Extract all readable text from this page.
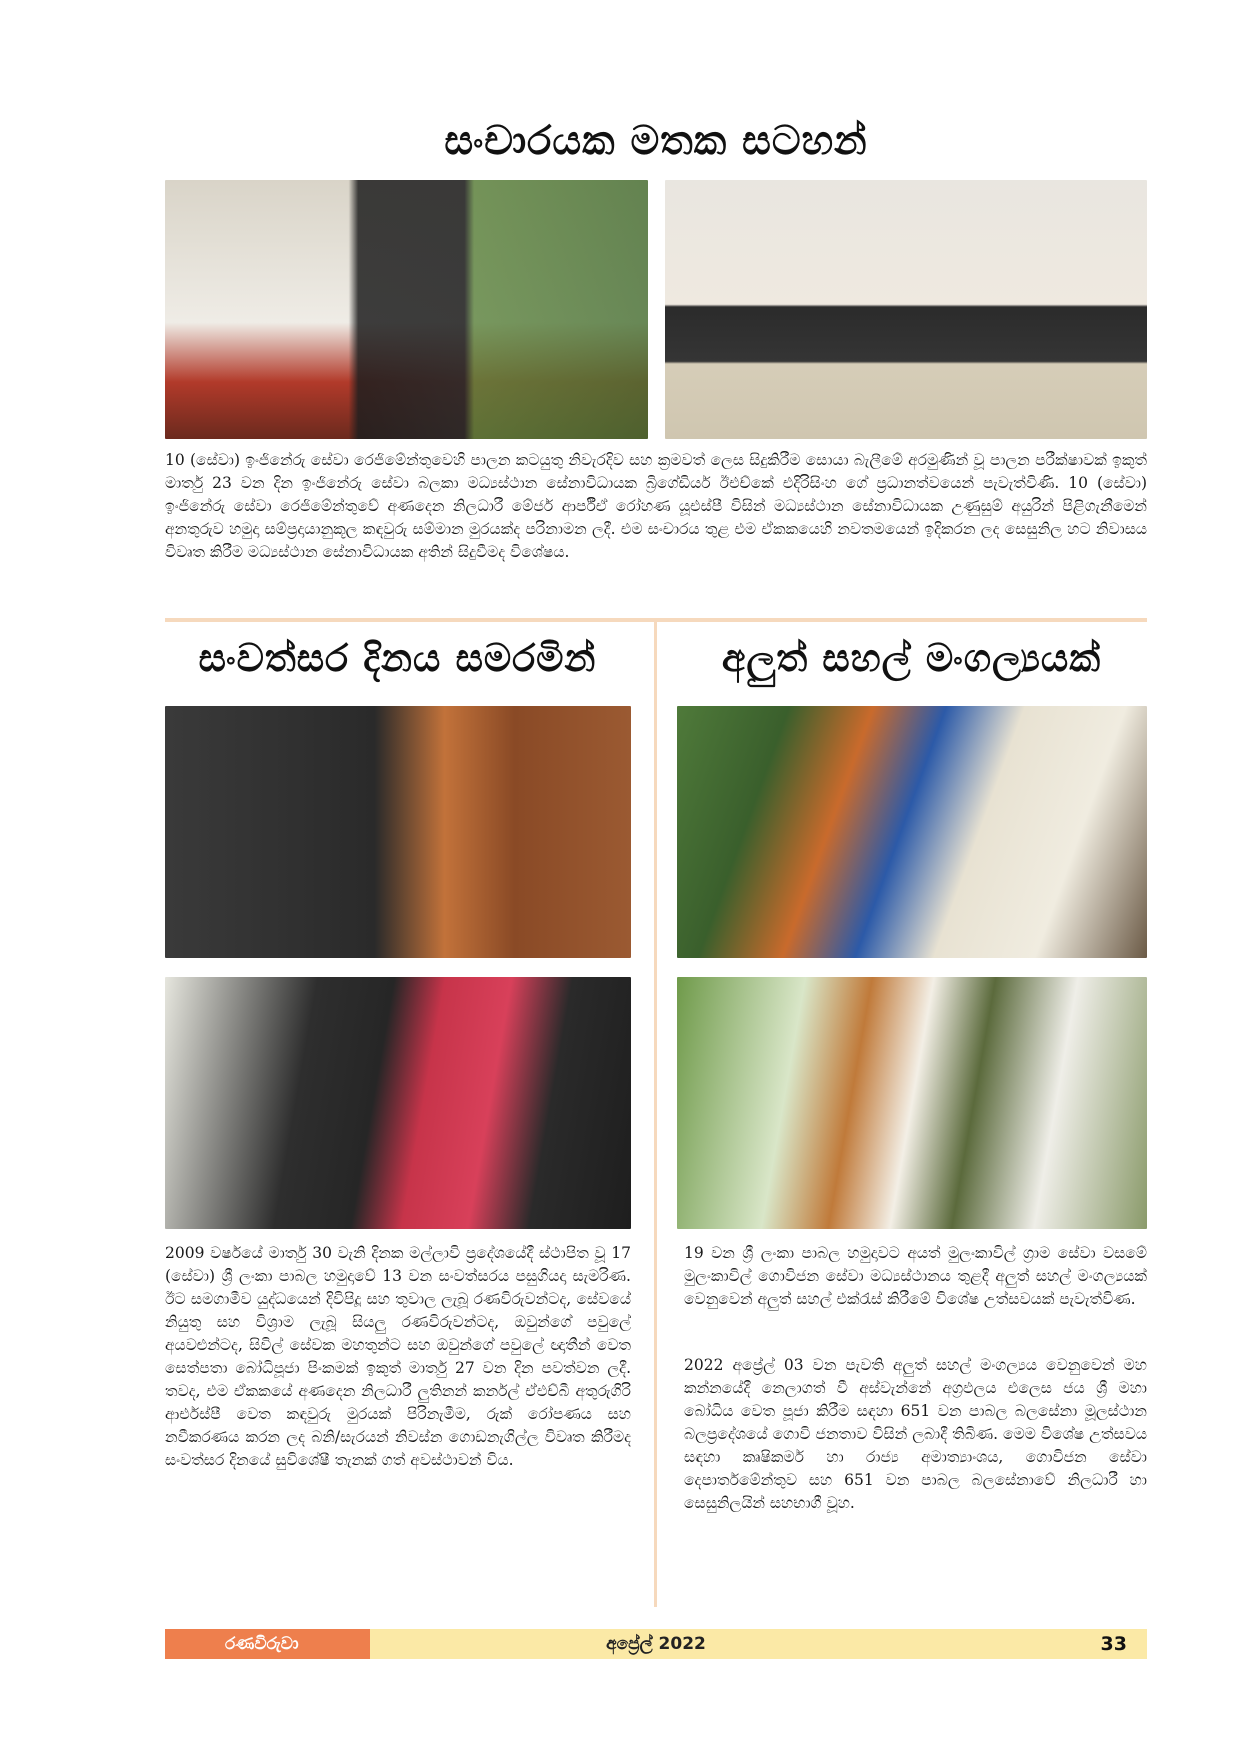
සංචාරයක මතක සටහන්

10 (සේවා) ඉංජිනේරු සේවා රෙජිමේන්තුවෙහි පාලන කටයුතු නිවැරදිව සහ ක්‍රමවත් ලෙස සිදුකිරීම සොයා බැලීමේ අරමුණින් වූ පාලන පරීක්ෂාවක් ඉකුත් මාර්තු 23 වන දින ඉංජිනේරු සේවා බලකා මධ්‍යස්ථාන සේනාවිධායක බ්‍රිගේඩියර් ඊඑච්කේ එදිරිසිංහ ගේ ප්‍රධානත්වයෙන් පැවැත්විණි. 10 (සේවා) ඉංජිනේරු සේවා රෙජිමේන්තුවේ අණදෙන නිලධාරී මේජර් ආර්පීඒ රෝහණ යූඑස්පී විසින් මධ්‍යස්ථාන සේනාවිධායක උණුසුම් අයුරින් පිළිගැනීමෙන් අනතුරුව හමුදා සම්ප්‍රදායානුකූල කඳවුරු සම්මාන මුරයක්ද පරිනාමන ලදී. එම සංචාරය තුළ එම ඒකකයෙහි නවතමයෙන් ඉදිකරන ලද සෙසුනිල හට නිවාසය විවෘත කිරීම මධ්‍යස්ථාන සේනාවිධායක අතින් සිදුවීමද විශේෂය.

සංවත්සර දිනය සමරමින්

2009 වර්ෂයේ මාර්තු 30 වැනි දිනක මල්ලාවි ප්‍රදේශයේදී ස්ථාපිත වූ 17 (සේවා) ශ්‍රී ලංකා පාබල හමුදාවේ 13 වන සංවත්සරය පසුගියදා සැමරිණ. ඊට සමගාමීව යුද්ධයෙන් දිවිපිදූ සහ තුවාල ලැබූ රණවිරුවන්ටද, සේවයේ නියුතු සහ විශ්‍රාම ලැබූ සියලු රණවිරුවන්ටද, ඔවුන්ගේ පවුලේ අයවළුන්ටද, සිවිල් සේවක මහතුන්ට සහ ඔවුන්ගේ පවුලේ ඥාතීන් වෙත සෙත්පතා බෝධිපූජා පිංකමක් ඉකුත් මාර්තු 27 වන දින පවත්වන ලදී. තවද, එම ඒකකයේ අණදෙන නිලධාරී ලුතිනන් කර්නල් ඒඑච්බී අතුරුගිරි ආර්එස්පී වෙත කඳවුරු මුරයක් පිරිනැමීම, රුක් රෝපණය සහ නවීකරණය කරන ලද බනි/සැරයන් නිවස්න ගොඩනැගිල්ල විවෘත කිරීමද සංවත්සර දිනයේ සුවිශේෂී තැනක් ගත් අවස්ථාවන් විය.

අලුත් සහල් මංගල්‍යයක්

19 වන ශ්‍රී ලංකා පාබල හමුදාවට අයත් මුලංකාවිල් ග්‍රාම සේවා වසමේ මුලංකාවිල් ගොවිජන සේවා මධ්‍යස්ථානය තුළදී අලුත් සහල් මංගල්‍යයක් වෙනුවෙන් අලුත් සහල් එක්රැස් කිරීමේ විශේෂ උත්සවයක් පැවැත්විණ.

2022 අප්‍රේල් 03 වන පැවති අලුත් සහල් මංගල්‍යය වෙනුවෙන් මහ කන්නයේදී නෙලාගත් වී අස්වැන්නේ අග්‍රඵලය එලෙස ජය ශ්‍රී මහා බෝධිය වෙත පූජා කිරීම සඳහා 651 වන පාබල බලසේනා මූලස්ථාන බලප්‍රදේශයේ ගොවි ජනතාව විසින් ලබාදී තිබිණ. මෙම විශේෂ උත්සවය සඳහා කෘෂිකර්ම හා රාජ්‍ය අමාත්‍යාංශය, ගොවිජන සේවා දෙපාර්තමේන්තුව සහ 651 වන පාබල බලසේනාවේ නිලධාරී හා සෙසුනිලයින් සහභාගී වූහ.

රණවිරුවා	අප්‍රේල් 2022	33
